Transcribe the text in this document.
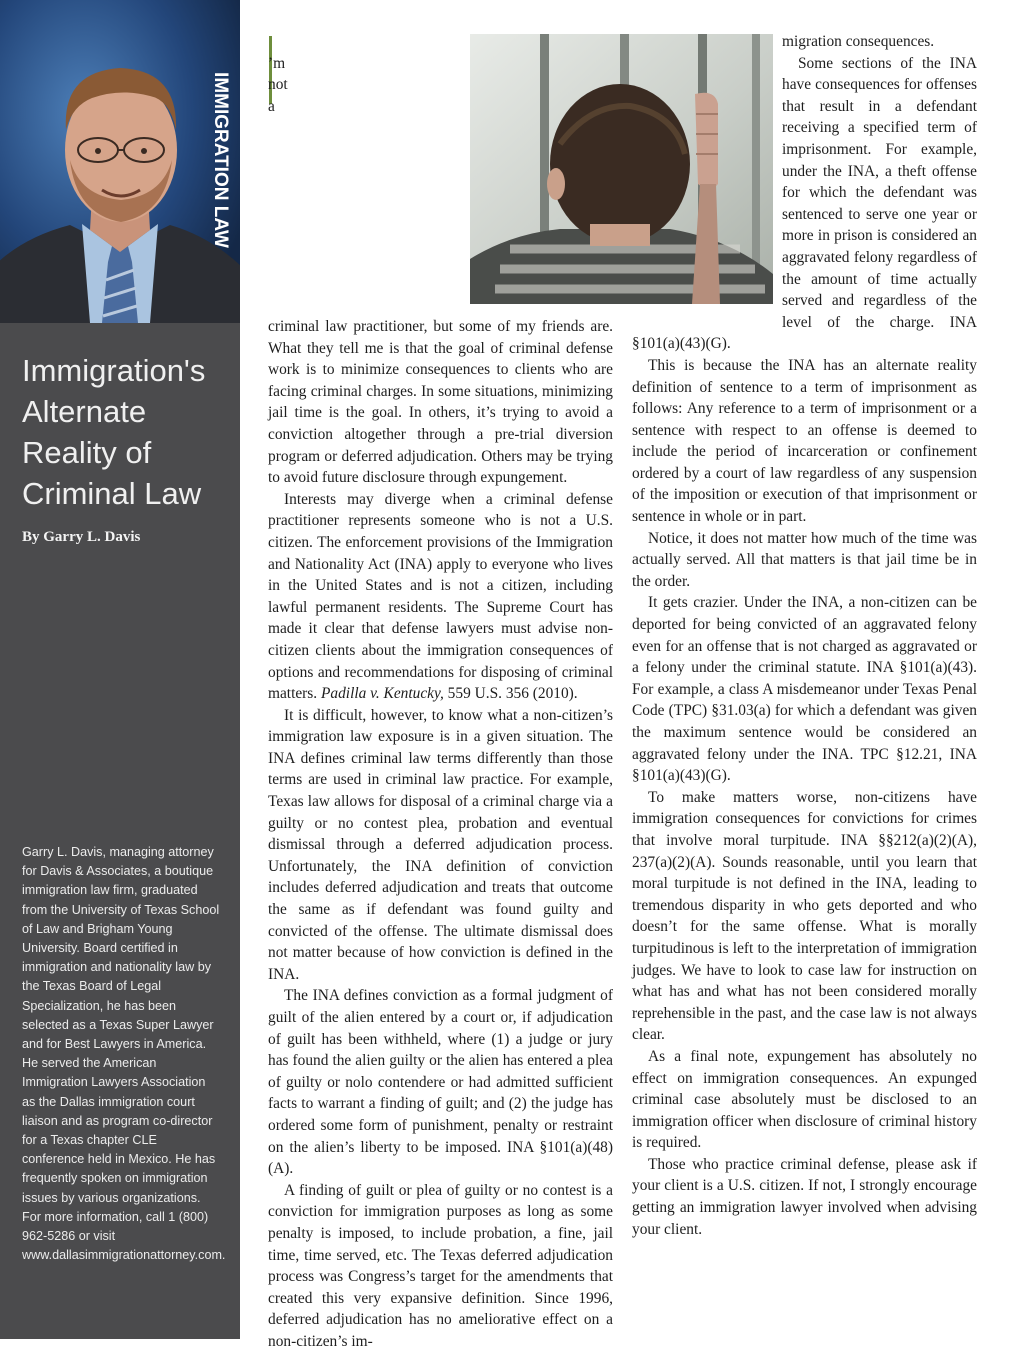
IMMIGRATION LAW
Immigration's
Alternate
Reality of
Criminal Law
By Garry L. Davis
Garry L. Davis, managing attorney for Davis & Associates, a boutique immigration law firm, graduated from the University of Texas School of Law and Brigham Young University. Board certified in immigration and nationality law by the Texas Board of Legal Specialization, he has been selected as a Texas Super Lawyer and for Best Lawyers in America. He served the American Immigration Lawyers Association as the Dallas immigration court liaison and as program co-director for a Texas chapter CLE conference held in Mexico. He has frequently spoken on immigration issues by various organizations. For more information, call 1 (800) 962-5286 or visit www.dallasimmigrationattorney.com.

’m not a criminal law practitioner, but some of my friends are. What they tell me is that the goal of criminal defense work is to minimize consequences to clients who are facing criminal charges. In some situations, minimizing jail time is the goal. In others, it’s trying to avoid a conviction altogether through a pre-trial diversion program or deferred adjudication. Others may be trying to avoid future disclosure through expungement.

Interests may diverge when a criminal defense practitioner represents someone who is not a U.S. citizen. The enforcement provisions of the Immigration and Nationality Act (INA) apply to everyone who lives in the United States and is not a citizen, including lawful permanent residents. The Supreme Court has made it clear that defense lawyers must advise non-citizen clients about the immigration consequences of options and recommendations for disposing of criminal matters. Padilla v. Kentucky, 559 U.S. 356 (2010).

It is difficult, however, to know what a non-citizen’s immigration law exposure is in a given situation. The INA defines criminal law terms differently than those terms are used in criminal law practice. For example, Texas law allows for disposal of a criminal charge via a guilty or no contest plea, probation and eventual dismissal through a deferred adjudication process. Unfortunately, the INA definition of conviction includes deferred adjudication and treats that outcome the same as if defendant was found guilty and convicted of the offense. The ultimate dismissal does not matter because of how conviction is defined in the INA.

The INA defines conviction as a formal judgment of guilt of the alien entered by a court or, if adjudication of guilt has been withheld, where (1) a judge or jury has found the alien guilty or the alien has entered a plea of guilty or nolo contendere or had admitted sufficient facts to warrant a finding of guilt; and (2) the judge has ordered some form of punishment, penalty or restraint on the alien’s liberty to be imposed. INA §101(a)(48)(A).

A finding of guilt or plea of guilty or no contest is a conviction for immigration purposes as long as some penalty is imposed, to include probation, a fine, jail time, time served, etc. The Texas deferred adjudication process was Congress’s target for the amendments that created this very expansive definition. Since 1996, deferred adjudication has no ameliorative effect on a non-citizen’s im-

migration consequences.

Some sections of the INA have consequences for offenses that result in a defendant receiving a specified term of imprisonment. For example, under the INA, a theft offense for which the defendant was sentenced to serve one year or more in prison is considered an aggravated felony regardless of the amount of time actually served and regardless of the level of the charge. INA §101(a)(43)(G).

This is because the INA has an alternate reality definition of sentence to a term of imprisonment as follows: Any reference to a term of imprisonment or a sentence with respect to an offense is deemed to include the period of incarceration or confinement ordered by a court of law regardless of any suspension of the imposition or execution of that imprisonment or sentence in whole or in part.

Notice, it does not matter how much of the time was actually served. All that matters is that jail time be in the order.

It gets crazier. Under the INA, a non-citizen can be deported for being convicted of an aggravated felony even for an offense that is not charged as aggravated or a felony under the criminal statute. INA §101(a)(43). For example, a class A misdemeanor under Texas Penal Code (TPC) §31.03(a) for which a defendant was given the maximum sentence would be considered an aggravated felony under the INA. TPC §12.21, INA §101(a)(43)(G).

To make matters worse, non-citizens have immigration consequences for convictions for crimes that involve moral turpitude. INA §§212(a)(2)(A), 237(a)(2)(A). Sounds reasonable, until you learn that moral turpitude is not defined in the INA, leading to tremendous disparity in who gets deported and who doesn’t for the same offense. What is morally turpitudinous is left to the interpretation of immigration judges. We have to look to case law for instruction on what has and what has not been considered morally reprehensible in the past, and the case law is not always clear.

As a final note, expungement has absolutely no effect on immigration consequences. An expunged criminal case absolutely must be disclosed to an immigration officer when disclosure of criminal history is required.

Those who practice criminal defense, please ask if your client is a U.S. citizen. If not, I strongly encourage getting an immigration lawyer involved when advising your client.
